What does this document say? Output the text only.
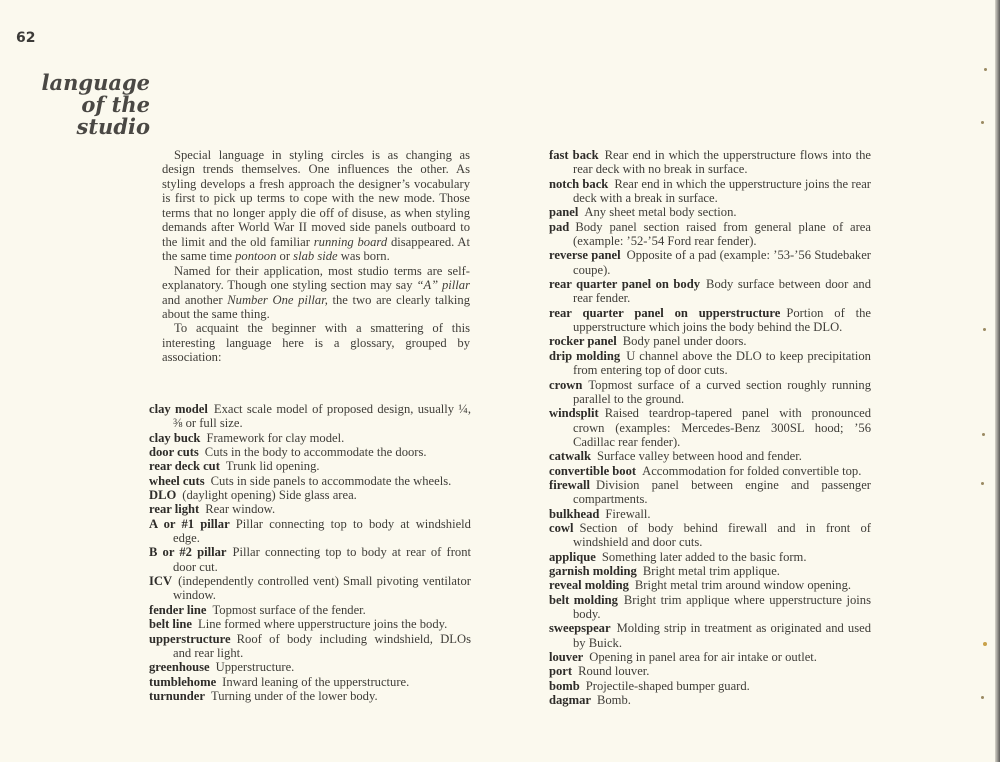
62
language
of the
studio

Special language in styling circles is as changing as design trends themselves. One influences the other. As styling develops a fresh approach the designer’s vocabulary is first to pick up terms to cope with the new mode. Those terms that no longer apply die off of disuse, as when styling demands after World War II moved side panels outboard to the limit and the old familiar running board disappeared. At the same time pontoon or slab side was born.

Named for their application, most studio terms are self-explanatory. Though one styling section may say “A” pillar and another Number One pillar, the two are clearly talking about the same thing.

To acquaint the beginner with a smattering of this interesting language here is a glossary, grouped by association:

clay model Exact scale model of proposed design, usually ¼, ⅜ or full size.
clay buck Framework for clay model.
door cuts Cuts in the body to accommodate the doors.
rear deck cut Trunk lid opening.
wheel cuts Cuts in side panels to accommodate the wheels.
DLO (daylight opening) Side glass area.
rear light Rear window.
A or #1 pillar Pillar connecting top to body at windshield edge.
B or #2 pillar Pillar connecting top to body at rear of front door cut.
ICV (independently controlled vent) Small pivoting ventilator window.
fender line Topmost surface of the fender.
belt line Line formed where upperstructure joins the body.
upperstructure Roof of body including windshield, DLOs and rear light.
greenhouse Upperstructure.
tumblehome Inward leaning of the upperstructure.
turnunder Turning under of the lower body.
fast back Rear end in which the upperstructure flows into the rear deck with no break in surface.
notch back Rear end in which the upperstructure joins the rear deck with a break in surface.
panel Any sheet metal body section.
pad Body panel section raised from general plane of area (example: ’52-’54 Ford rear fender).
reverse panel Opposite of a pad (example: ’53-’56 Studebaker coupe).
rear quarter panel on body Body surface between door and rear fender.
rear quarter panel on upperstructure Portion of the upperstructure which joins the body behind the DLO.
rocker panel Body panel under doors.
drip molding U channel above the DLO to keep precipitation from entering top of door cuts.
crown Topmost surface of a curved section roughly running parallel to the ground.
windsplit Raised teardrop-tapered panel with pronounced crown (examples: Mercedes-Benz 300SL hood; ’56 Cadillac rear fender).
catwalk Surface valley between hood and fender.
convertible boot Accommodation for folded convertible top.
firewall Division panel between engine and passenger compartments.
bulkhead Firewall.
cowl Section of body behind firewall and in front of windshield and door cuts.
applique Something later added to the basic form.
garnish molding Bright metal trim applique.
reveal molding Bright metal trim around window opening.
belt molding Bright trim applique where upperstructure joins body.
sweepspear Molding strip in treatment as originated and used by Buick.
louver Opening in panel area for air intake or outlet.
port Round louver.
bomb Projectile-shaped bumper guard.
dagmar Bomb.
